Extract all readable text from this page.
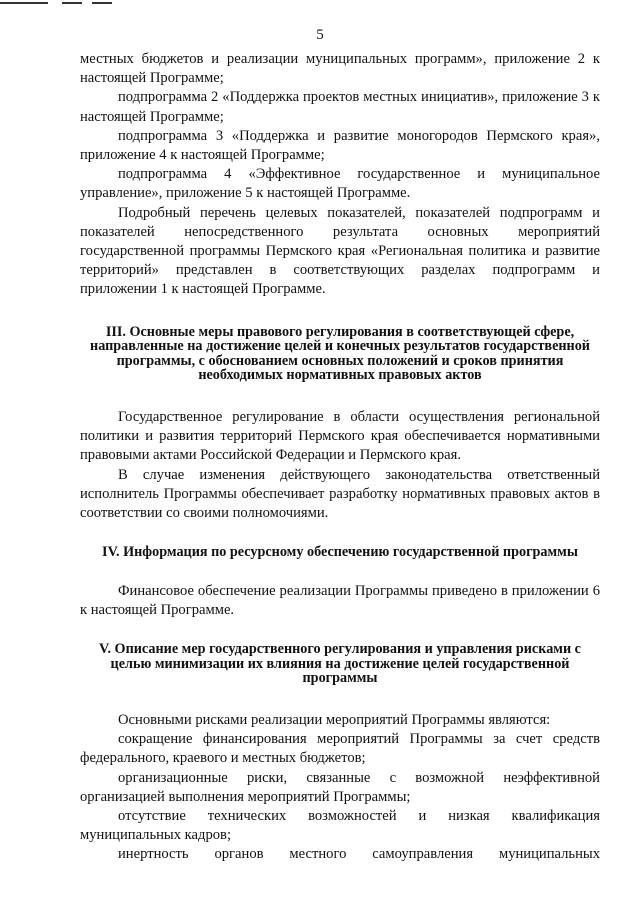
5

местных бюджетов и реализации муниципальных программ», приложение 2 к настоящей Программе;

подпрограмма 2 «Поддержка проектов местных инициатив», приложение 3 к настоящей Программе;

подпрограмма 3 «Поддержка и развитие моногородов Пермского края», приложение 4 к настоящей Программе;

подпрограмма 4 «Эффективное государственное и муниципальное управление», приложение 5 к настоящей Программе.

Подробный перечень целевых показателей, показателей подпрограмм и показателей непосредственного результата основных мероприятий государственной программы Пермского края «Региональная политика и развитие территорий» представлен в соответствующих разделах подпрограмм и приложении 1 к настоящей Программе.

III. Основные меры правового регулирования в соответствующей сфере, направленные на достижение целей и конечных результатов государственной программы, с обоснованием основных положений и сроков принятия необходимых нормативных правовых актов

Государственное регулирование в области осуществления региональной политики и развития территорий Пермского края обеспечивается нормативными правовыми актами Российской Федерации и Пермского края.

В случае изменения действующего законодательства ответственный исполнитель Программы обеспечивает разработку нормативных правовых актов в соответствии со своими полномочиями.

IV. Информация по ресурсному обеспечению государственной программы

Финансовое обеспечение реализации Программы приведено в приложении 6 к настоящей Программе.

V. Описание мер государственного регулирования и управления рисками с целью минимизации их влияния на достижение целей государственной программы

Основными рисками реализации мероприятий Программы являются:

сокращение финансирования мероприятий Программы за счет средств федерального, краевого и местных бюджетов;

организационные риски, связанные с возможной неэффективной организацией выполнения мероприятий Программы;

отсутствие технических возможностей и низкая квалификация муниципальных кадров;

инертность органов местного самоуправления муниципальных
